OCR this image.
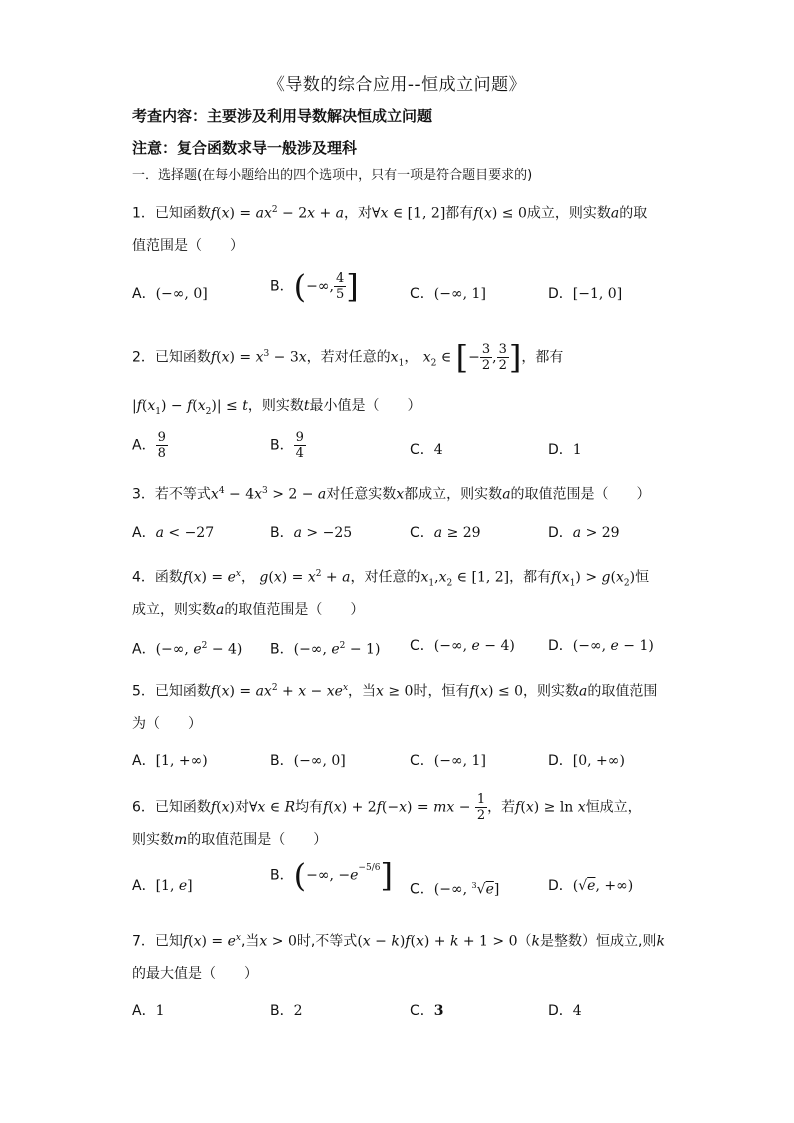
《导数的综合应用--恒成立问题》
考查内容：主要涉及利用导数解决恒成立问题
注意：复合函数求导一般涉及理科
一．选择题(在每小题给出的四个选项中，只有一项是符合题目要求的)
1．已知函数$f(x) = ax^2 - 2x + a$，对∀x ∈ [1, 2]都有f(x) ≤ 0成立，则实数a的取
值范围是（　　）
A．(−∞, 0]	B．(−∞, $\frac{4}{5}$ ]	C．(−∞, 1]	D．[−1, 0]
2．已知函数$f(x) = x^3 - 3x$，若对任意的$x_1$， $x_2$ ∈ [− $\frac{3}{2}$ , $\frac{3}{2}$ ]，都有
$|f(x_1) - f(x_2)| \le t$，则实数t最小值是（　　）
A． $\frac{9}{8}$	B． $\frac{9}{4}$	C．4	D．1
3．若不等式$x^4 - 4x^3 > 2 - a$对任意实数x都成立，则实数a的取值范围是（　　）
A．a < −27	B．a > −25	C．a ≥ 29	D．a > 29
4．函数$f(x) = e^x$， $g(x) = x^2 + a$，对任意的$x_1,x_2$ ∈ [1, 2]，都有$f(x_1) > g(x_2)$恒
成立，则实数a的取值范围是（　　）
A．(−∞, $e^2 - 4$) B．(−∞, $e^2 - 1$) C．(−∞, e − 4) D．(−∞, e − 1)
5．已知函数$f(x) = ax^2 + x - xe^x$，当x ≥ 0时，恒有f(x) ≤ 0，则实数a的取值范围
为（　　）
A．[1, +∞)	B．(−∞, 0]	C．(−∞, 1]	D．[0, +∞)
6．已知函数f(x)对∀x ∈ R均有f(x) + 2f(−x) = mx − $\frac{1}{2}$ ，若f(x) ≥ ln x恒成立，
则实数m的取值范围是（　　）
A．[1, e]
B．(−∞, $-e^{-5/6}$] C．(−∞, $^3$√e]	D．(√e, +∞)
7．已知$f(x) = e^x$,当x > 0时,不等式(x − k)f(x) + k + 1 > 0（k是整数）恒成立,则k
的最大值是（　　）
A．1	B．2	C．3	D．4
